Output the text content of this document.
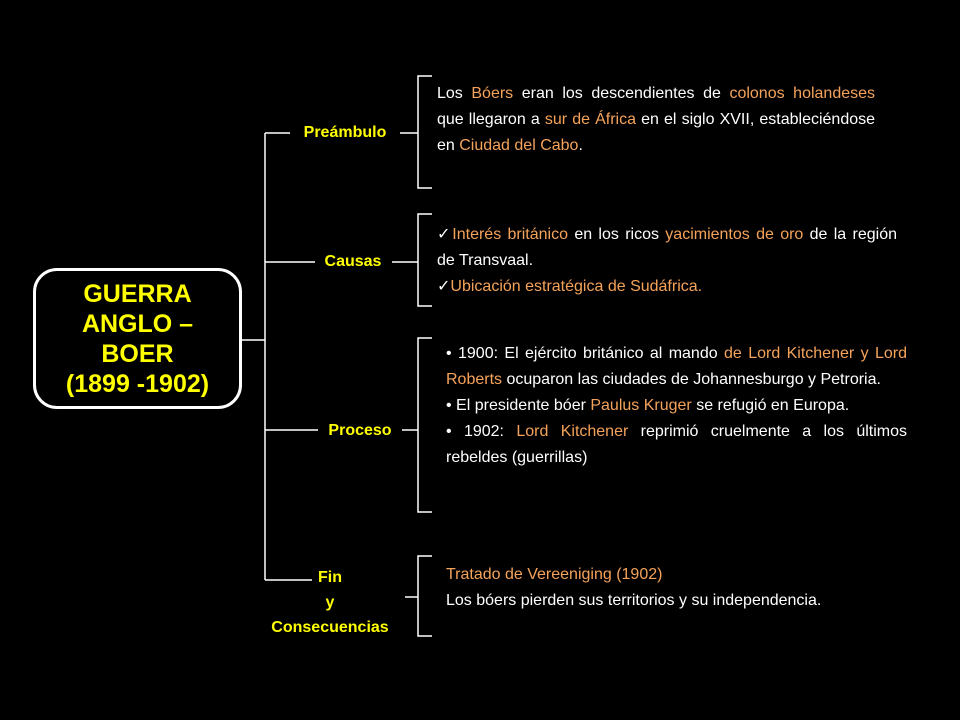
GUERRA
ANGLO –
BOER
(1899 -1902)
Preámbulo
Causas
Proceso
Fin
y
Consecuencias
Los Bóers eran los descendientes de colonos holandeses que llegaron a sur de África en el siglo XVII, estableciéndose en Ciudad del Cabo.
✓Interés británico en los ricos yacimientos de oro de la región de Transvaal.
✓Ubicación estratégica de Sudáfrica.
• 1900: El ejército británico al mando de Lord Kitchener y Lord Roberts ocuparon las ciudades de Johannesburgo y Petroria.
• El presidente bóer Paulus Kruger se refugió en Europa.
• 1902: Lord Kitchener reprimió cruelmente a los últimos rebeldes (guerrillas)
Tratado de Vereeniging (1902)
Los bóers pierden sus territorios y su independencia.
